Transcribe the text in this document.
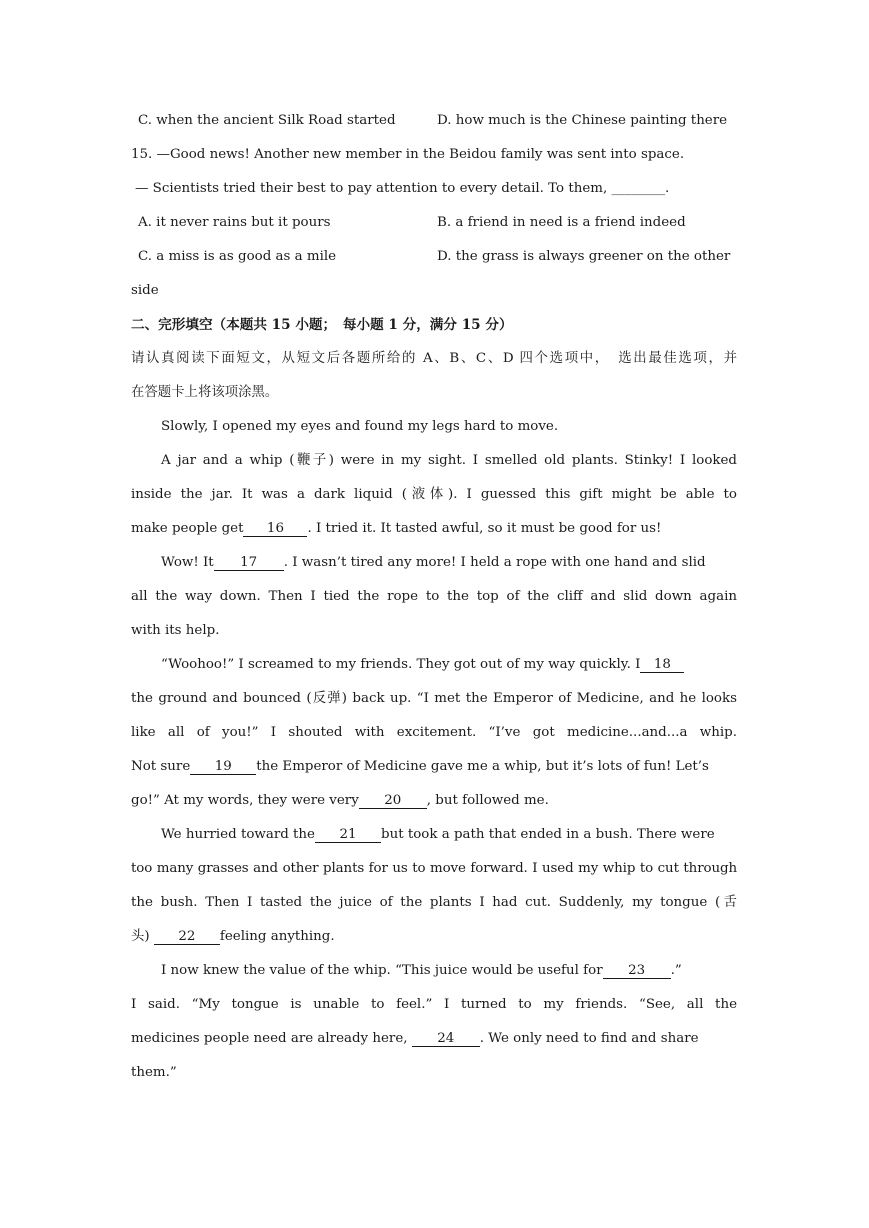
C. when the ancient Silk Road started	D. how much is the Chinese painting there
15. —Good news! Another new member in the Beidou family was sent into space.
— Scientists tried their best to pay attention to every detail. To them, ________.
A. it never rains but it pours	B. a friend in need is a friend indeed
C. a miss is as good as a mile	D. the grass is always greener on the other
side
二、完形填空（本题共 15 小题；　每小题 1 分，满分 15 分）
请认真阅读下面短文，从短文后各题所给的 A、B、C、D 四个选项中，　选出最佳选项，并
在答题卡上将该项涂黑。
Slowly, I opened my eyes and found my legs hard to move.
A jar and a whip (鞭子) were in my sight. I smelled old plants. Stinky! I looked
inside the jar. It was a dark liquid (液体). I guessed this gift might be able to
make people get 16 . I tried it. It tasted awful, so it must be good for us!
Wow! It 17 . I wasn’t tired any more! I held a rope with one hand and slid
all the way down. Then I tied the rope to the top of the cliff and slid down again
with its help.
“Woohoo!” I screamed to my friends. They got out of my way quickly. I 18
the ground and bounced (反弹) back up. “I met the Emperor of Medicine, and he looks
like all of you!” I shouted with excitement. “I’ve got medicine...and...a whip.
Not sure 19 the Emperor of Medicine gave me a whip, but it’s lots of fun! Let’s
go!” At my words, they were very 20 , but followed me.
We hurried toward the 21 but took a path that ended in a bush. There were
too many grasses and other plants for us to move forward. I used my whip to cut through
the bush. Then I tasted the juice of the plants I had cut. Suddenly, my tongue (舌
头) 22 feeling anything.
I now knew the value of the whip. “This juice would be useful for 23 .”
I said. “My tongue is unable to feel.” I turned to my friends. “See, all the
medicines people need are already here, 24 . We only need to find and share
them.”
